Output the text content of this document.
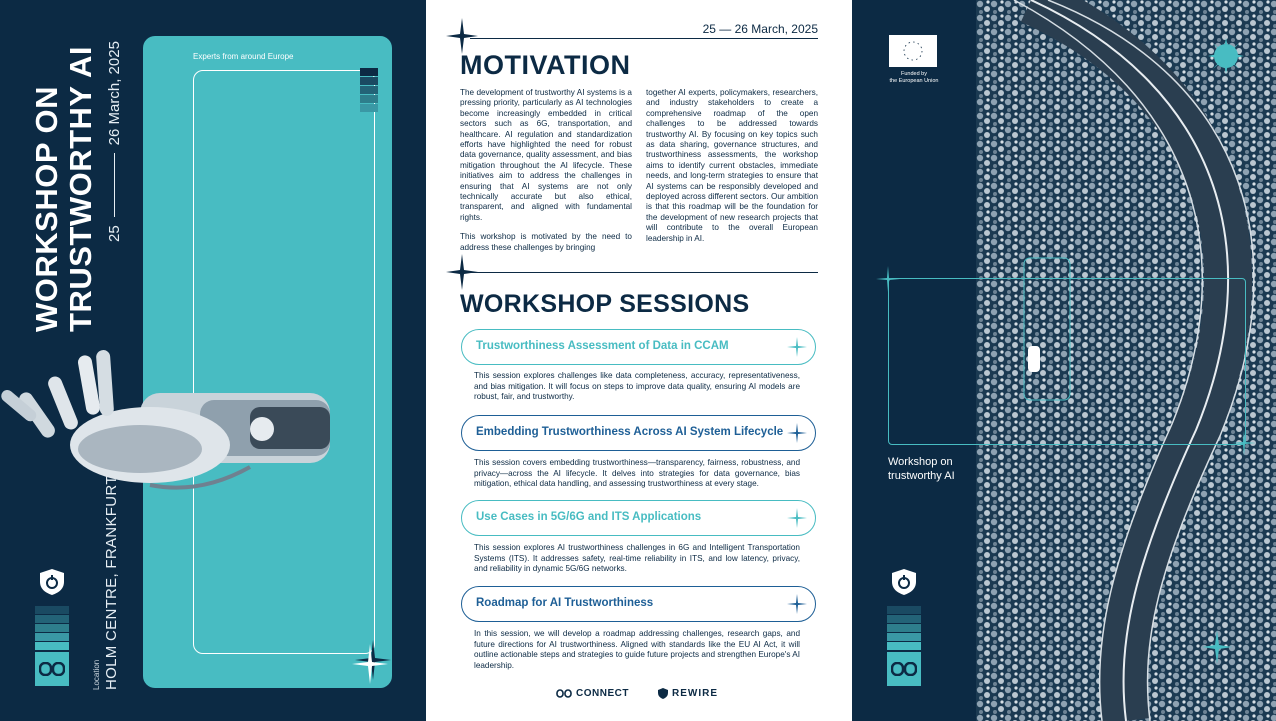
WORKSHOP ON TRUSTWORTHY AI 25
26 March, 2025
Location HOLM CENTRE, FRANKFURT
Experts from around Europe
25 — 26 March, 2025
MOTIVATION

The development of trustworthy AI systems is a pressing priority, particularly as AI technologies become increasingly embedded in critical sectors such as 6G, transportation, and healthcare. AI regulation and standardization efforts have highlighted the need for robust data governance, quality assessment, and bias mitigation throughout the AI lifecycle. These initiatives aim to address the challenges in ensuring that AI systems are not only technically accurate but also ethical, transparent, and aligned with fundamental rights.

This workshop is motivated by the need to address these challenges by bringing

together AI experts, policymakers, researchers, and industry stakeholders to create a comprehensive roadmap of the open challenges to be addressed towards trustworthy AI. By focusing on key topics such as data sharing, governance structures, and trustworthiness assessments, the workshop aims to identify current obstacles, immediate needs, and long-term strategies to ensure that AI systems can be responsibly developed and deployed across different sectors. Our ambition is that this roadmap will be the foundation for the development of new research projects that will contribute to the overall European leadership in AI.

WORKSHOP SESSIONS
Trustworthiness Assessment of Data in CCAM
This session explores challenges like data completeness, accuracy, representativeness, and bias mitigation. It will focus on steps to improve data quality, ensuring AI models are robust, fair, and trustworthy.
Embedding Trustworthiness Across AI System Lifecycle
This session covers embedding trustworthiness—transparency, fairness, robustness, and privacy—across the AI lifecycle. It delves into strategies for data governance, bias mitigation, ethical data handling, and assessing trustworthiness at every stage.
Use Cases in 5G/6G and ITS Applications
This session explores AI trustworthiness challenges in 6G and Intelligent Transportation Systems (ITS). It addresses safety, real-time reliability in ITS, and low latency, privacy, and reliability in dynamic 5G/6G networks.
Roadmap for AI Trustworthiness
In this session, we will develop a roadmap addressing challenges, research gaps, and future directions for AI trustworthiness. Aligned with standards like the EU AI Act, it will outline actionable steps and strategies to guide future projects and strengthen Europe's AI leadership.
CONNECT	REWIRE
Funded by
the European Union
Workshop on
trustworthy AI
